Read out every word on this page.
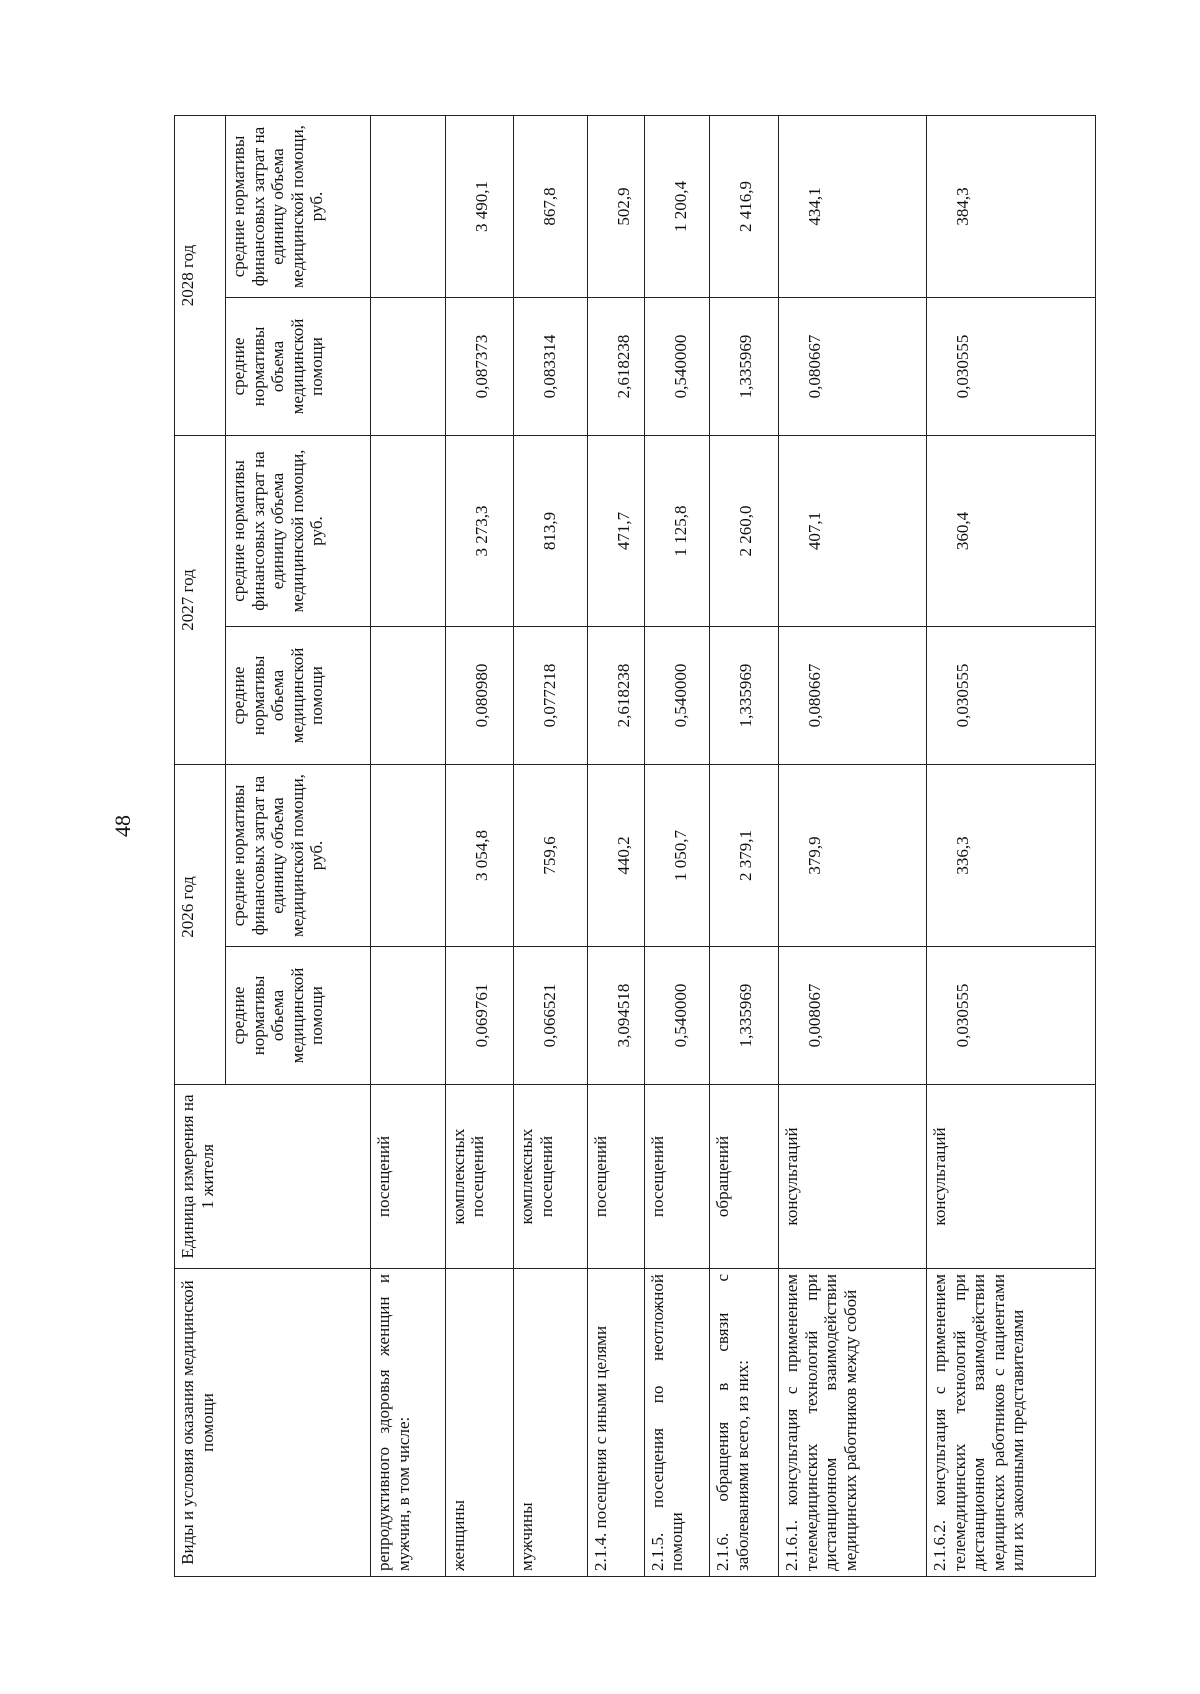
48
Виды и условия оказания медицинской помощи	Единица измерения на 1 жителя	2026 год		2027 год		2028 год	
		средние нормативы объема медицинской помощи	средние нормативы финансовых затрат на единицу объема медицинской помощи, руб.	средние нормативы объема медицинской помощи	средние нормативы финансовых затрат на единицу объема медицинской помощи, руб.	средние нормативы объема медицинской помощи	средние нормативы финансовых затрат на единицу объема медицинской помощи, руб.
репродуктивного здоровья женщин и мужчин, в том числе:	посещений						
женщины	комплексных посещений	0,069761	3 054,8	0,080980	3 273,3	0,087373	3 490,1
мужчины	комплексных посещений	0,066521	759,6	0,077218	813,9	0,083314	867,8
2.1.4. посещения с иными целями	посещений	3,094518	440,2	2,618238	471,7	2,618238	502,9
2.1.5. посещения по неотложной помощи	посещений	0,540000	1 050,7	0,540000	1 125,8	0,540000	1 200,4
2.1.6. обращения в связи с заболеваниями всего, из них:	обращений	1,335969	2 379,1	1,335969	2 260,0	1,335969	2 416,9
2.1.6.1. консультация с применением телемедицинских технологий при дистанционном взаимодействии медицинских работников между собой	консультаций	0,008067	379,9	0,080667	407,1	0,080667	434,1
2.1.6.2. консультация с применением телемедицинских технологий при дистанционном взаимодействии медицинских работников с пациентами или их законными представителями	консультаций	0,030555	336,3	0,030555	360,4	0,030555	384,3
